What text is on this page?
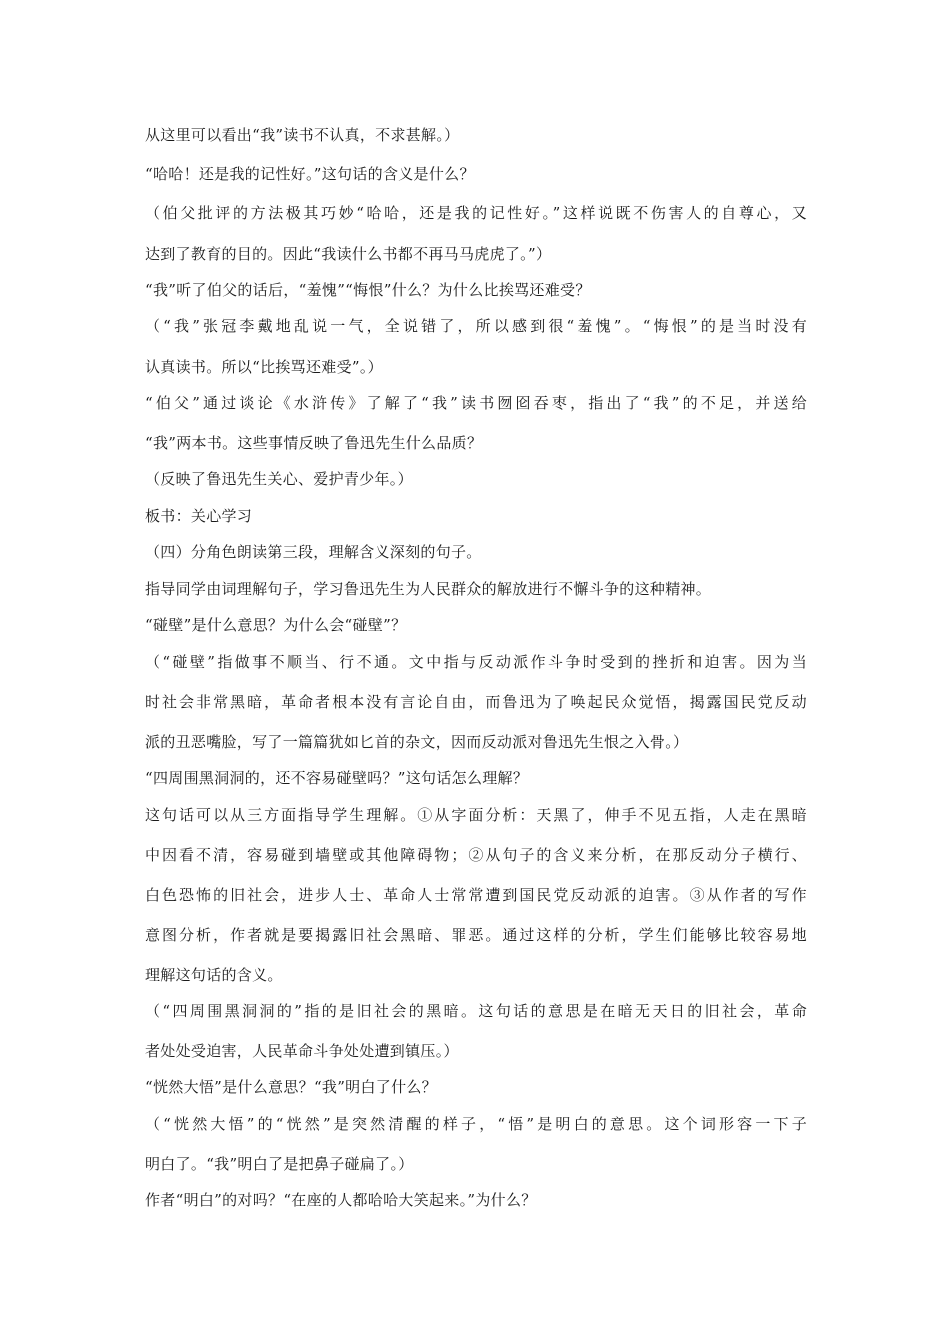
从这里可以看出“我”读书不认真，不求甚解。）
“哈哈！还是我的记性好。”这句话的含义是什么？
（伯父批评的方法极其巧妙“哈哈，还是我的记性好。”这样说既不伤害人的自尊心，又
达到了教育的目的。因此“我读什么书都不再马马虎虎了。”）
“我”听了伯父的话后，“羞愧”“悔恨”什么？为什么比挨骂还难受？
（“我”张冠李戴地乱说一气，全说错了，所以感到很“羞愧”。“悔恨”的是当时没有
认真读书。所以“比挨骂还难受”。）
“伯父”通过谈论《水浒传》了解了“我”读书囫囵吞枣，指出了“我”的不足，并送给
“我”两本书。这些事情反映了鲁迅先生什么品质？
（反映了鲁迅先生关心、爱护青少年。）
板书：关心学习
（四）分角色朗读第三段，理解含义深刻的句子。
指导同学由词理解句子，学习鲁迅先生为人民群众的解放进行不懈斗争的这种精神。
“碰壁”是什么意思？为什么会“碰壁”？
（“碰壁”指做事不顺当、行不通。文中指与反动派作斗争时受到的挫折和迫害。因为当
时社会非常黑暗，革命者根本没有言论自由，而鲁迅为了唤起民众觉悟，揭露国民党反动
派的丑恶嘴脸，写了一篇篇犹如匕首的杂文，因而反动派对鲁迅先生恨之入骨。）
“四周围黑洞洞的，还不容易碰壁吗？”这句话怎么理解？
这句话可以从三方面指导学生理解。①从字面分析：天黑了，伸手不见五指，人走在黑暗
中因看不清，容易碰到墙壁或其他障碍物；②从句子的含义来分析，在那反动分子横行、
白色恐怖的旧社会，进步人士、革命人士常常遭到国民党反动派的迫害。③从作者的写作
意图分析，作者就是要揭露旧社会黑暗、罪恶。通过这样的分析，学生们能够比较容易地
理解这句话的含义。
（“四周围黑洞洞的”指的是旧社会的黑暗。这句话的意思是在暗无天日的旧社会，革命
者处处受迫害，人民革命斗争处处遭到镇压。）
“恍然大悟”是什么意思？“我”明白了什么？
（“恍然大悟”的“恍然”是突然清醒的样子，“悟”是明白的意思。这个词形容一下子
明白了。“我”明白了是把鼻子碰扁了。）
作者“明白”的对吗？“在座的人都哈哈大笑起来。”为什么？
